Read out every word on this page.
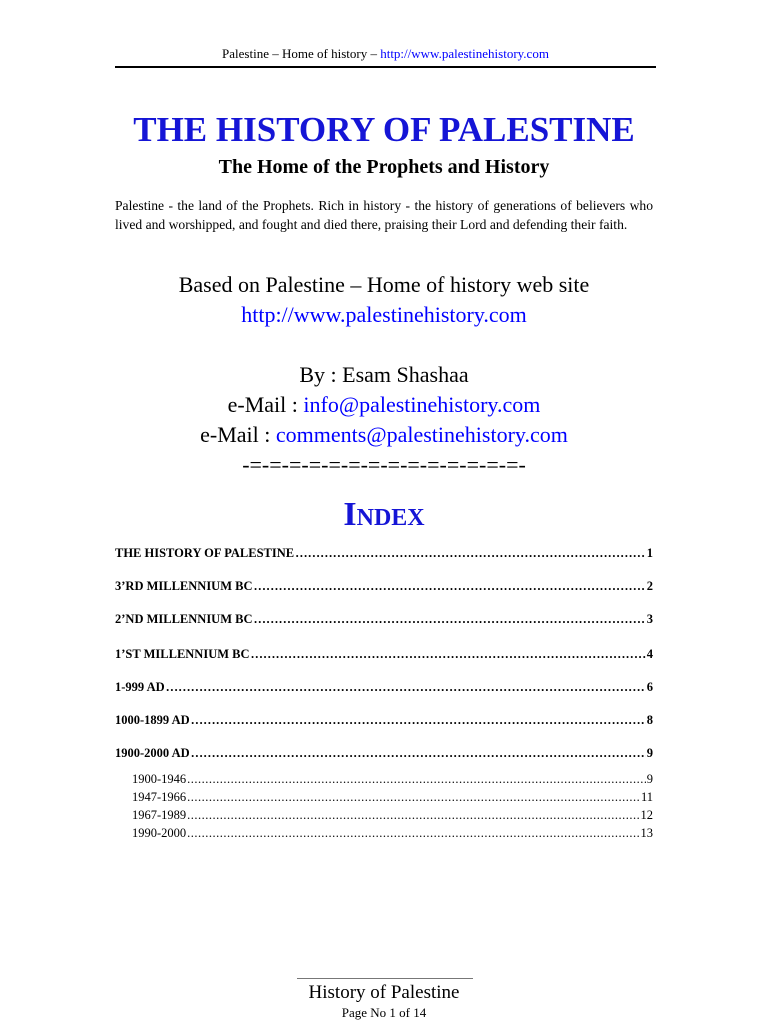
Palestine – Home of history – http://www.palestinehistory.com
THE HISTORY OF PALESTINE
The Home of the Prophets and History
Palestine - the land of the Prophets. Rich in history - the history of generations of believers who lived and worshipped, and fought and died there, praising their Lord and defending their faith.
Based on Palestine – Home of history web site
http://www.palestinehistory.com
By : Esam Shashaa
e-Mail : info@palestinehistory.com
e-Mail : comments@palestinehistory.com
-=-=-=-=-=-=-=-=-=-=-=-=-=-=-
INDEX
THE HISTORY OF PALESTINE ……………………………………………………………………………………………………………………	1
3’RD MILLENNIUM BC ……………………………………………………………………………………………………………………	2
2’ND MILLENNIUM BC ……………………………………………………………………………………………………………………	3
1’ST MILLENNIUM BC ……………………………………………………………………………………………………………………	4
1-999 AD ……………………………………………………………………………………………………………………	6
1000-1899 AD ……………………………………………………………………………………………………………………	8
1900-2000 AD ……………………………………………………………………………………………………………………	9
1900-1946 .....	9
1947-1966 .....	11
1967-1989 .....	12
1990-2000 .....	13
History of Palestine
Page No 1 of 14
